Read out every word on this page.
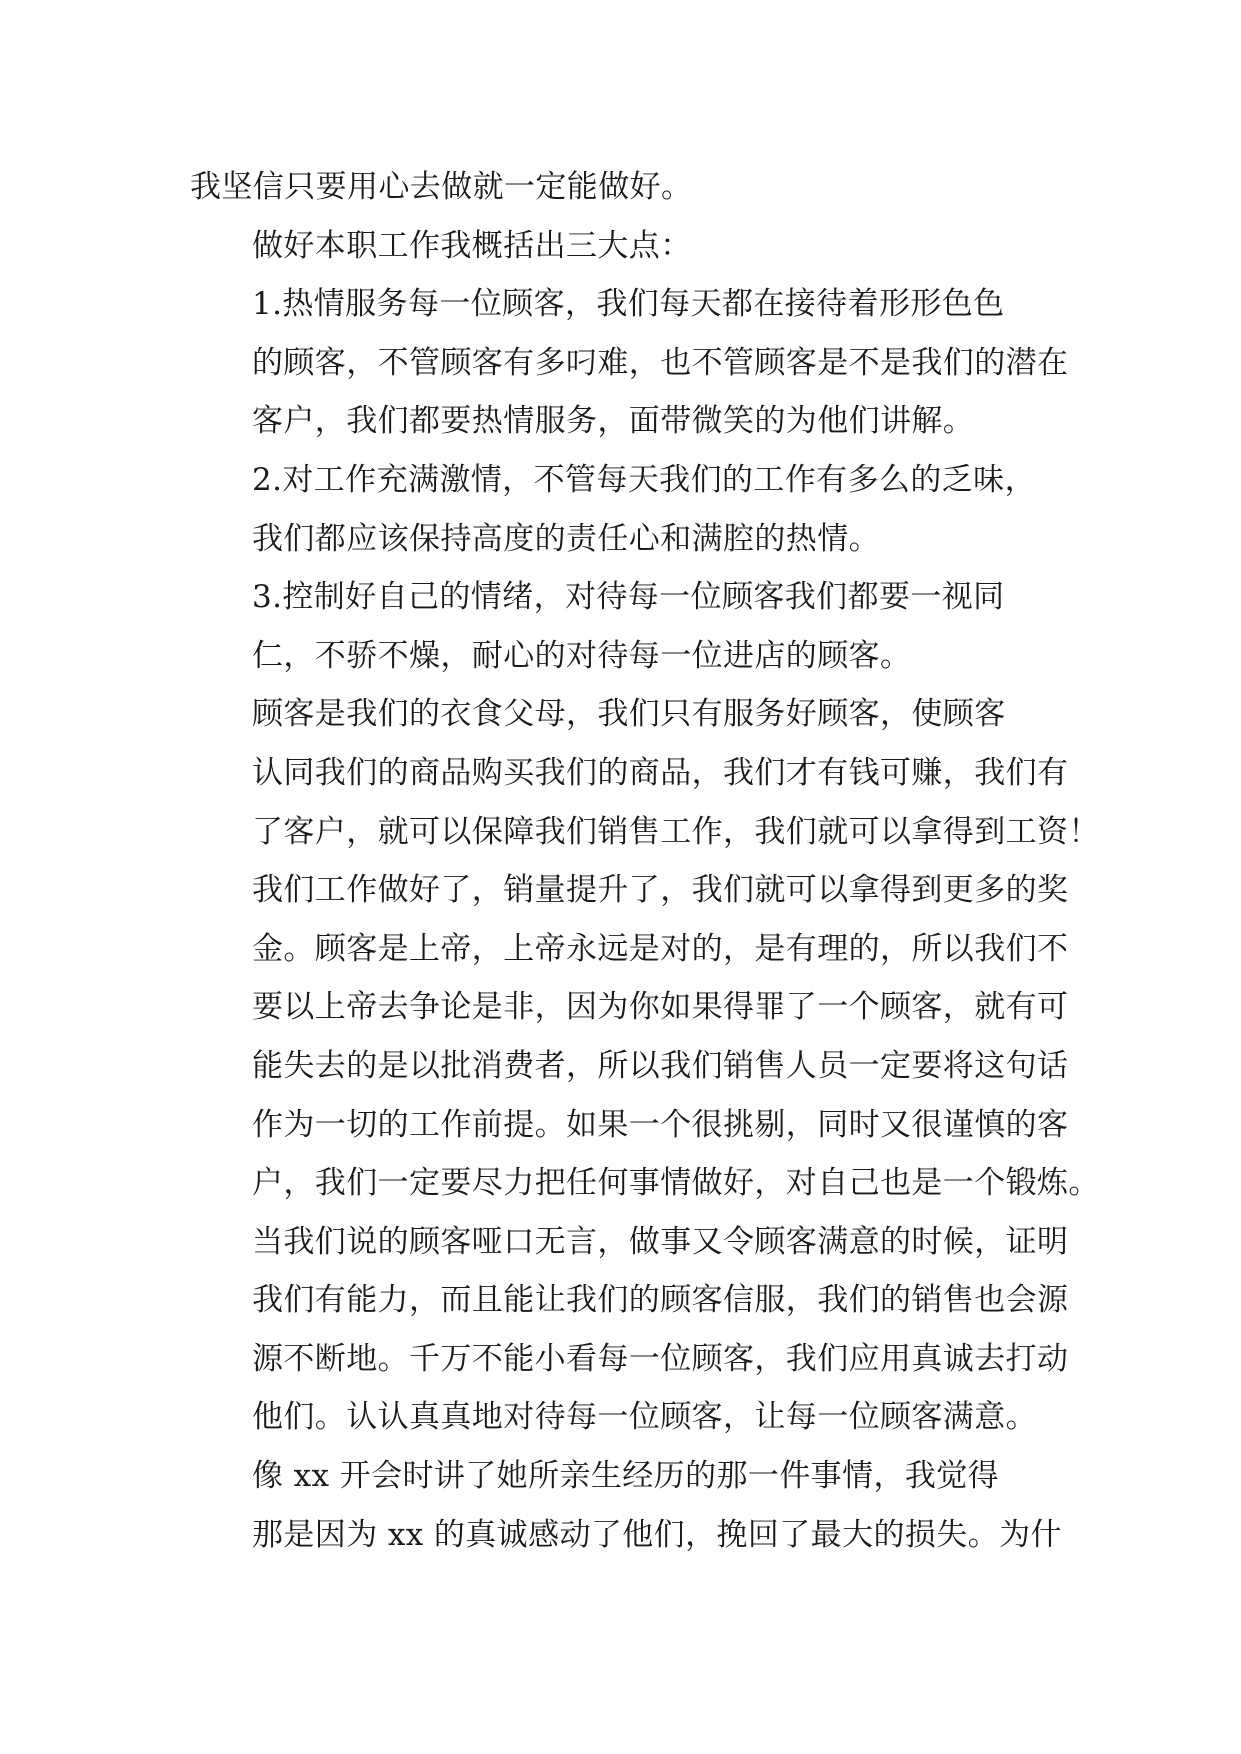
我坚信只要用心去做就一定能做好。

做好本职工作我概括出三大点：

1.热情服务每一位顾客，我们每天都在接待着形形色色
的顾客，不管顾客有多叼难，也不管顾客是不是我们的潜在
客户，我们都要热情服务，面带微笑的为他们讲解。

2.对工作充满激情，不管每天我们的工作有多么的乏味，
我们都应该保持高度的责任心和满腔的热情。

3.控制好自己的情绪，对待每一位顾客我们都要一视同
仁，不骄不燥，耐心的对待每一位进店的顾客。

顾客是我们的衣食父母，我们只有服务好顾客，使顾客
认同我们的商品购买我们的商品，我们才有钱可赚，我们有
了客户，就可以保障我们销售工作，我们就可以拿得到工资！
我们工作做好了，销量提升了，我们就可以拿得到更多的奖
金。顾客是上帝，上帝永远是对的，是有理的，所以我们不
要以上帝去争论是非，因为你如果得罪了一个顾客，就有可
能失去的是以批消费者，所以我们销售人员一定要将这句话
作为一切的工作前提。如果一个很挑剔，同时又很谨慎的客
户，我们一定要尽力把任何事情做好，对自己也是一个锻炼。
当我们说的顾客哑口无言，做事又令顾客满意的时候，证明
我们有能力，而且能让我们的顾客信服，我们的销售也会源
源不断地。千万不能小看每一位顾客，我们应用真诚去打动
他们。认认真真地对待每一位顾客，让每一位顾客满意。

像 xx 开会时讲了她所亲生经历的那一件事情，我觉得
那是因为 xx 的真诚感动了他们，挽回了最大的损失。为什
